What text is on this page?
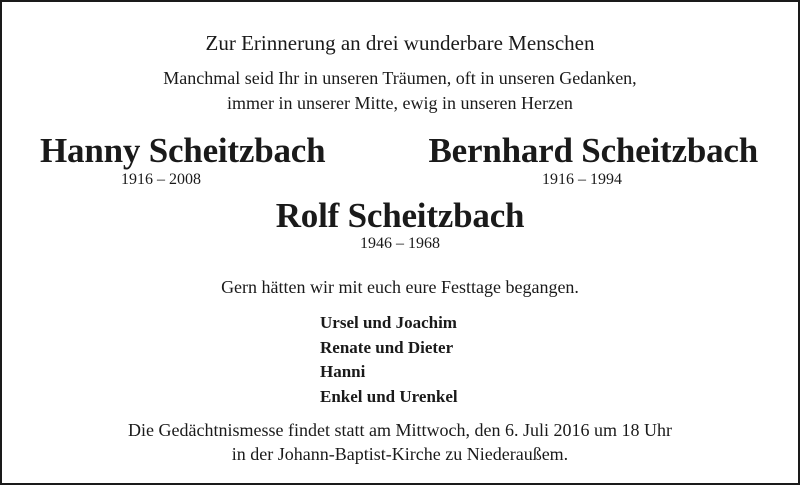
Zur Erinnerung an drei wunderbare Menschen
Manchmal seid Ihr in unseren Träumen, oft in unseren Gedanken,
immer in unserer Mitte, ewig in unseren Herzen
Hanny Scheitzbach
1916 – 2008
Bernhard Scheitzbach
1916 – 1994
Rolf Scheitzbach
1946 – 1968
Gern hätten wir mit euch eure Festtage begangen.
Ursel und Joachim
Renate und Dieter
Hanni
Enkel und Urenkel
Die Gedächtnismesse findet statt am Mittwoch, den 6. Juli 2016 um 18 Uhr
in der Johann-Baptist-Kirche zu Niederaußem.
